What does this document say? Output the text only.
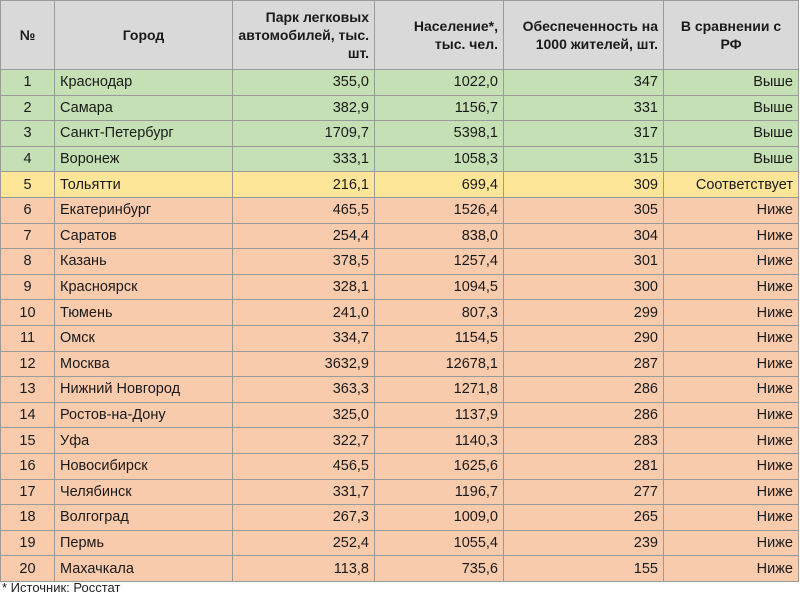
№	Город	Парк легковых автомобилей, тыс. шт.	Население*, тыс. чел.	Обеспеченность на 1000 жителей, шт.	В сравнении с РФ
1	Краснодар	355,0	1022,0	347	Выше
2	Самара	382,9	1156,7	331	Выше
3	Санкт-Петербург	1709,7	5398,1	317	Выше
4	Воронеж	333,1	1058,3	315	Выше
5	Тольятти	216,1	699,4	309	Соответствует
6	Екатеринбург	465,5	1526,4	305	Ниже
7	Саратов	254,4	838,0	304	Ниже
8	Казань	378,5	1257,4	301	Ниже
9	Красноярск	328,1	1094,5	300	Ниже
10	Тюмень	241,0	807,3	299	Ниже
11	Омск	334,7	1154,5	290	Ниже
12	Москва	3632,9	12678,1	287	Ниже
13	Нижний Новгород	363,3	1271,8	286	Ниже
14	Ростов-на-Дону	325,0	1137,9	286	Ниже
15	Уфа	322,7	1140,3	283	Ниже
16	Новосибирск	456,5	1625,6	281	Ниже
17	Челябинск	331,7	1196,7	277	Ниже
18	Волгоград	267,3	1009,0	265	Ниже
19	Пермь	252,4	1055,4	239	Ниже
20	Махачкала	113,8	735,6	155	Ниже
* Источник: Росстат
